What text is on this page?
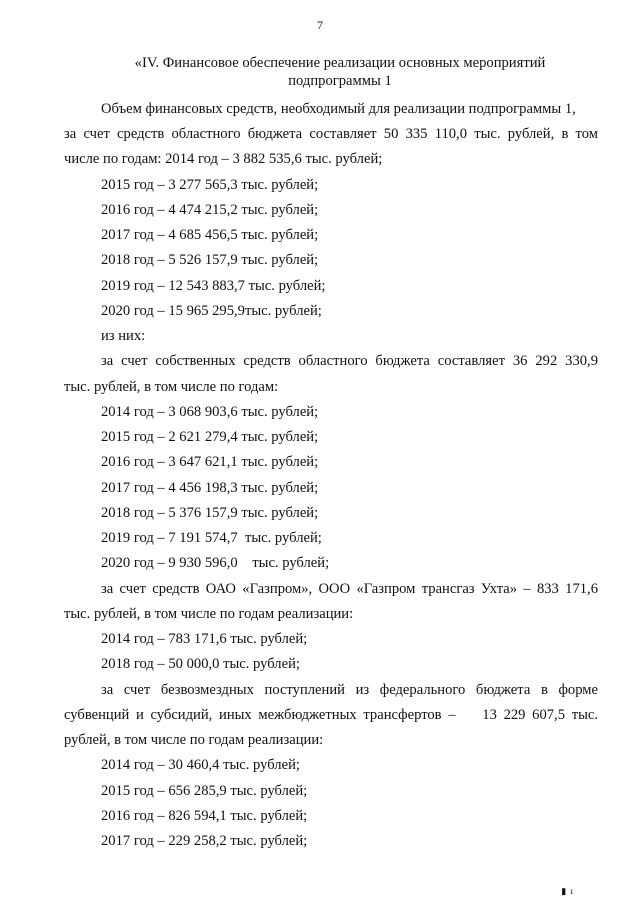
7
«IV. Финансовое обеспечение реализации основных мероприятий
подпрограммы 1
Объем финансовых средств, необходимый для реализации подпрограммы 1,
за счет средств областного бюджета составляет 50 335 110,0 тыс. рублей, в том
числе по годам: 2014 год – 3 882 535,6 тыс. рублей;
2015 год – 3 277 565,3 тыс. рублей;
2016 год – 4 474 215,2 тыс. рублей;
2017 год – 4 685 456,5 тыс. рублей;
2018 год – 5 526 157,9 тыс. рублей;
2019 год – 12 543 883,7 тыс. рублей;
2020 год – 15 965 295,9тыс. рублей;
из них:
за счет собственных средств областного бюджета составляет 36 292 330,9
тыс. рублей, в том числе по годам:
2014 год – 3 068 903,6 тыс. рублей;
2015 год – 2 621 279,4 тыс. рублей;
2016 год – 3 647 621,1 тыс. рублей;
2017 год – 4 456 198,3 тыс. рублей;
2018 год – 5 376 157,9 тыс. рублей;
2019 год – 7 191 574,7  тыс. рублей;
2020 год – 9 930 596,0    тыс. рублей;
за счет средств ОАО «Газпром», ООО «Газпром трансгаз Ухта» – 833 171,6
тыс. рублей, в том числе по годам реализации:
2014 год – 783 171,6 тыс. рублей;
2018 год – 50 000,0 тыс. рублей;
за счет безвозмездных поступлений из федерального бюджета в форме
субвенций и субсидий, иных межбюджетных трансфертов –    13 229 607,5 тыс.
рублей, в том числе по годам реализации:
2014 год – 30 460,4 тыс. рублей;
2015 год – 656 285,9 тыс. рублей;
2016 год – 826 594,1 тыс. рублей;
2017 год – 229 258,2 тыс. рублей;
▮ ı
